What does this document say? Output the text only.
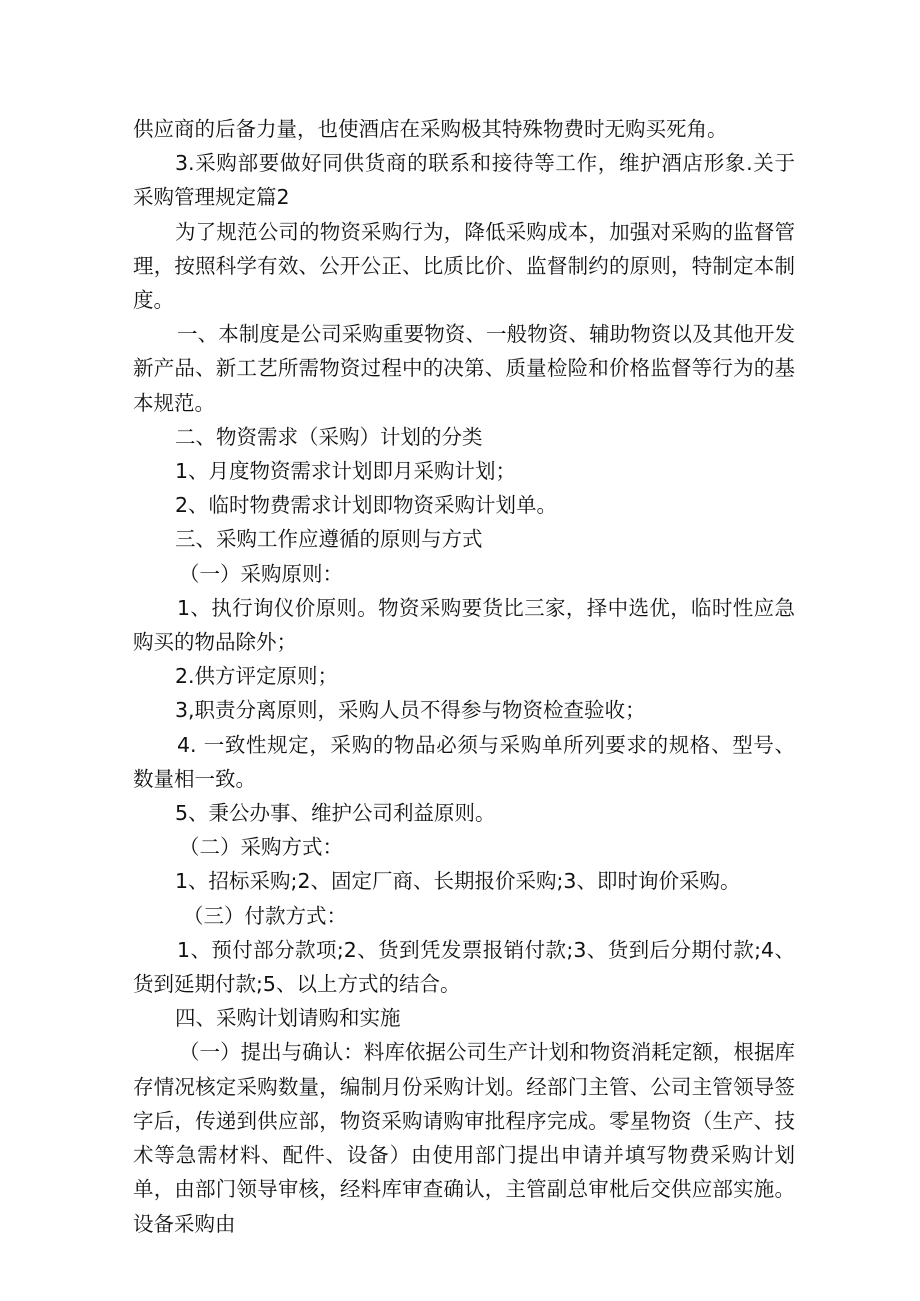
供应商的后备力量，也使酒店在采购极其特殊物费时无购买死角。

3.采购部要做好同供货商的联系和接待等工作，维护酒店形象.关于采购管理规定篇2

为了规范公司的物资采购行为，降低采购成本，加强对采购的监督管理，按照科学有效、公开公正、比质比价、监督制约的原则，特制定本制度。

一、本制度是公司采购重要物资、一般物资、辅助物资以及其他开发新产品、新工艺所需物资过程中的决第、质量检险和价格监督等行为的基本规范。

二、物资需求（采购）计划的分类

1、月度物资需求计划即月采购计划；

2、临时物费需求计划即物资采购计划单。

三、采购工作应遵循的原则与方式

（一）采购原则：

1、执行询仪价原则。物资采购要货比三家，择中选优，临时性应急购买的物品除外；

2.供方评定原则；

3,职责分离原则，采购人员不得参与物资检查验收；

4. 一致性规定，采购的物品必须与采购单所列要求的规格、型号、数量相一致。

5、秉公办事、维护公司利益原则。

（二）采购方式：

1、招标采购;2、固定厂商、长期报价采购;3、即时询价采购。

（三）付款方式：

1、预付部分款项;2、货到凭发票报销付款;3、货到后分期付款;4、货到延期付款;5、以上方式的结合。

四、采购计划请购和实施

（一）提出与确认：料库依据公司生产计划和物资消耗定额，根据库存情况核定采购数量，编制月份采购计划。经部门主管、公司主管领导签字后，传递到供应部，物资采购请购审批程序完成。零星物资（生产、技术等急需材料、配件、设备）由使用部门提出申请并填写物费采购计划单，由部门领导审核，经料库审查确认，主管副总审枇后交供应部实施。设备采购由
